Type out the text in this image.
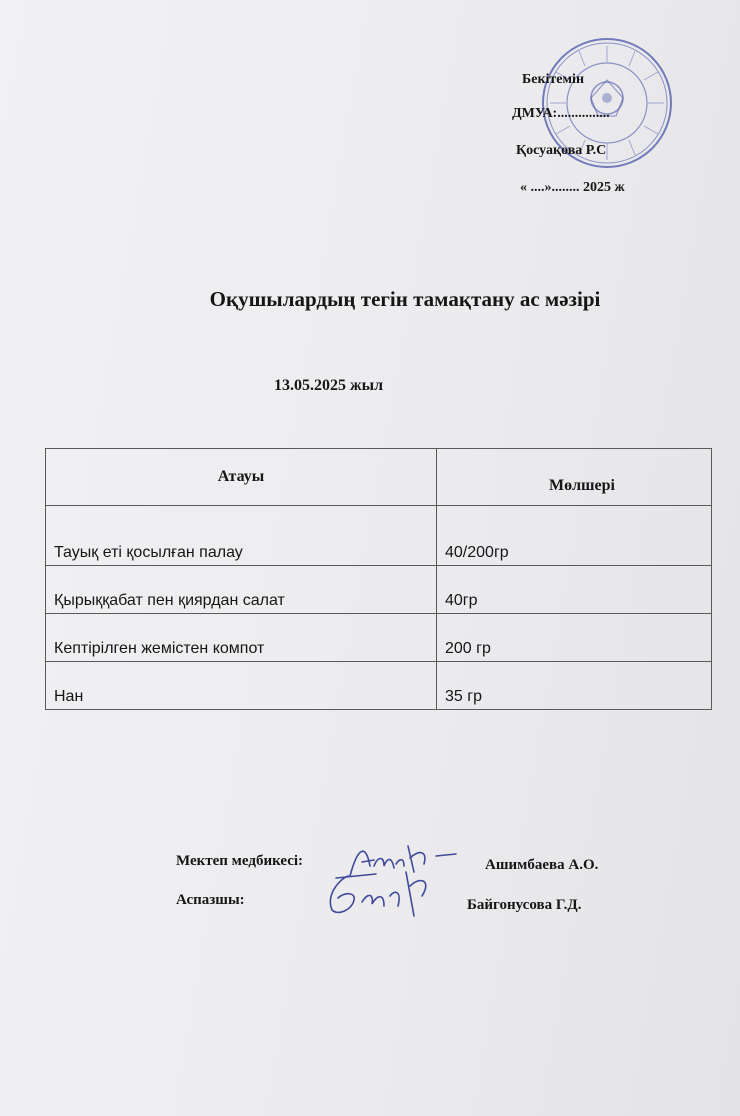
Бекітемін
ДМУА:...............
Қосуақова Р.С
« ....»........ 2025 ж
Оқушылардың тегін тамақтану ас мәзірі
13.05.2025 жыл
Атауы	Мөлшері
Тауық еті қосылған палау	40/200гр
Қырыққабат пен қиярдан салат	40гр
Кептірілген жемістен компот	200 гр
Нан	35 гр
Мектеп медбикесі:	Ашимбаева А.О.
Аспазшы:	Байгонусова Г.Д.
